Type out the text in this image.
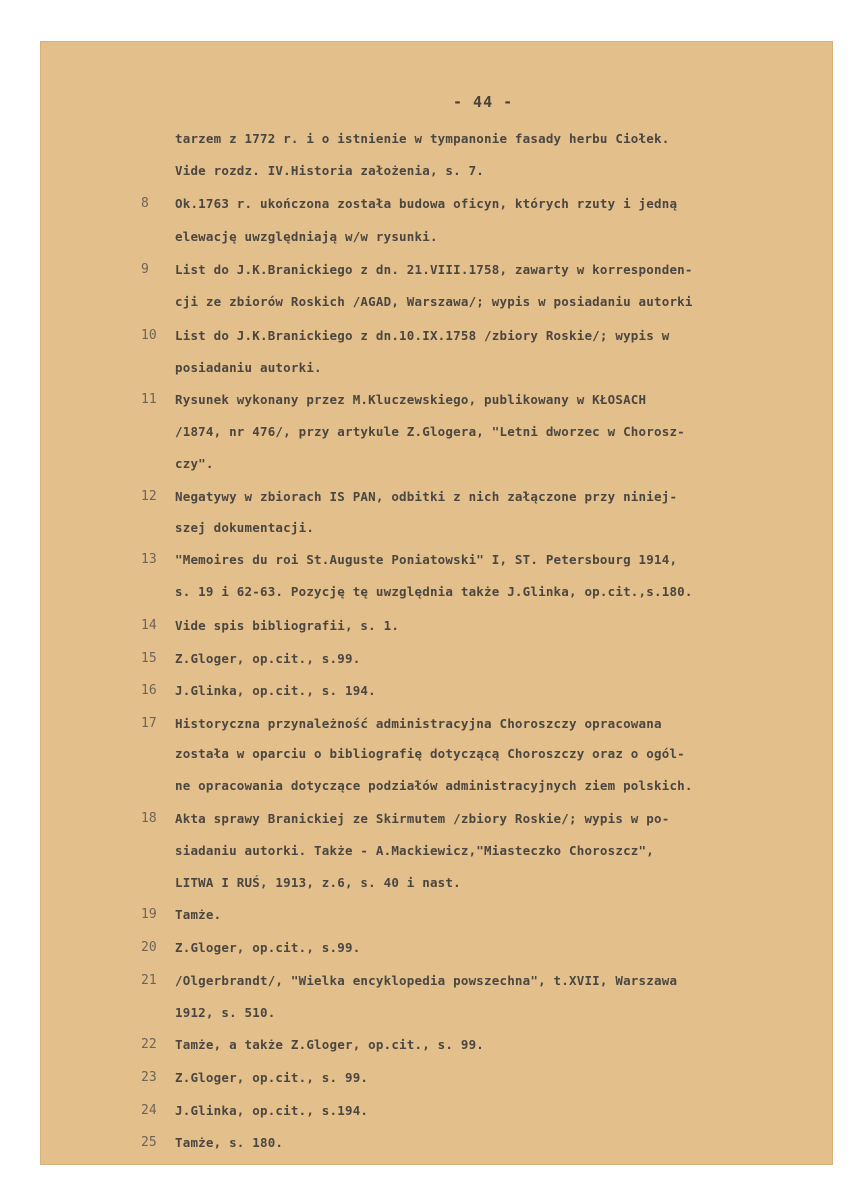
- 44 -
tarzem z 1772 r. i o istnienie w tympanonie fasady herbu Ciołek.
Vide rozdz. IV.Historia założenia, s. 7.
8 Ok.1763 r. ukończona została budowa oficyn, których rzuty i jedną
elewację uwzględniają w/w rysunki.
9 List do J.K.Branickiego z dn. 21.VIII.1758, zawarty w korresponden-
cji ze zbiorów Roskich /AGAD, Warszawa/; wypis w posiadaniu autorki
10 List do J.K.Branickiego z dn.10.IX.1758 /zbiory Roskie/; wypis w
posiadaniu autorki.
11 Rysunek wykonany przez M.Kluczewskiego, publikowany w KŁOSACH
/1874, nr 476/, przy artykule Z.Glogera, "Letni dworzec w Chorosz-
czy".
12 Negatywy w zbiorach IS PAN, odbitki z nich załączone przy niniej-
szej dokumentacji.
13 "Memoires du roi St.Auguste Poniatowski" I, ST. Petersbourg 1914,
s. 19 i 62-63. Pozycję tę uwzględnia także J.Glinka, op.cit.,s.180.
14 Vide spis bibliografii, s. 1.
15 Z.Gloger, op.cit., s.99.
16 J.Glinka, op.cit., s. 194.
17 Historyczna przynależność administracyjna Choroszczy opracowana
została w oparciu o bibliografię dotyczącą Choroszczy oraz o ogól-
ne opracowania dotyczące podziałów administracyjnych ziem polskich.
18 Akta sprawy Branickiej ze Skirmutem /zbiory Roskie/; wypis w po-
siadaniu autorki. Także - A.Mackiewicz,"Miasteczko Choroszcz",
LITWA I RUŚ, 1913, z.6, s. 40 i nast.
19 Tamże.
20 Z.Gloger, op.cit., s.99.
21 /Olgerbrandt/, "Wielka encyklopedia powszechna", t.XVII, Warszawa
1912, s. 510.
22 Tamże, a także Z.Gloger, op.cit., s. 99.
23 Z.Gloger, op.cit., s. 99.
24 J.Glinka, op.cit., s.194.
25 Tamże, s. 180.
